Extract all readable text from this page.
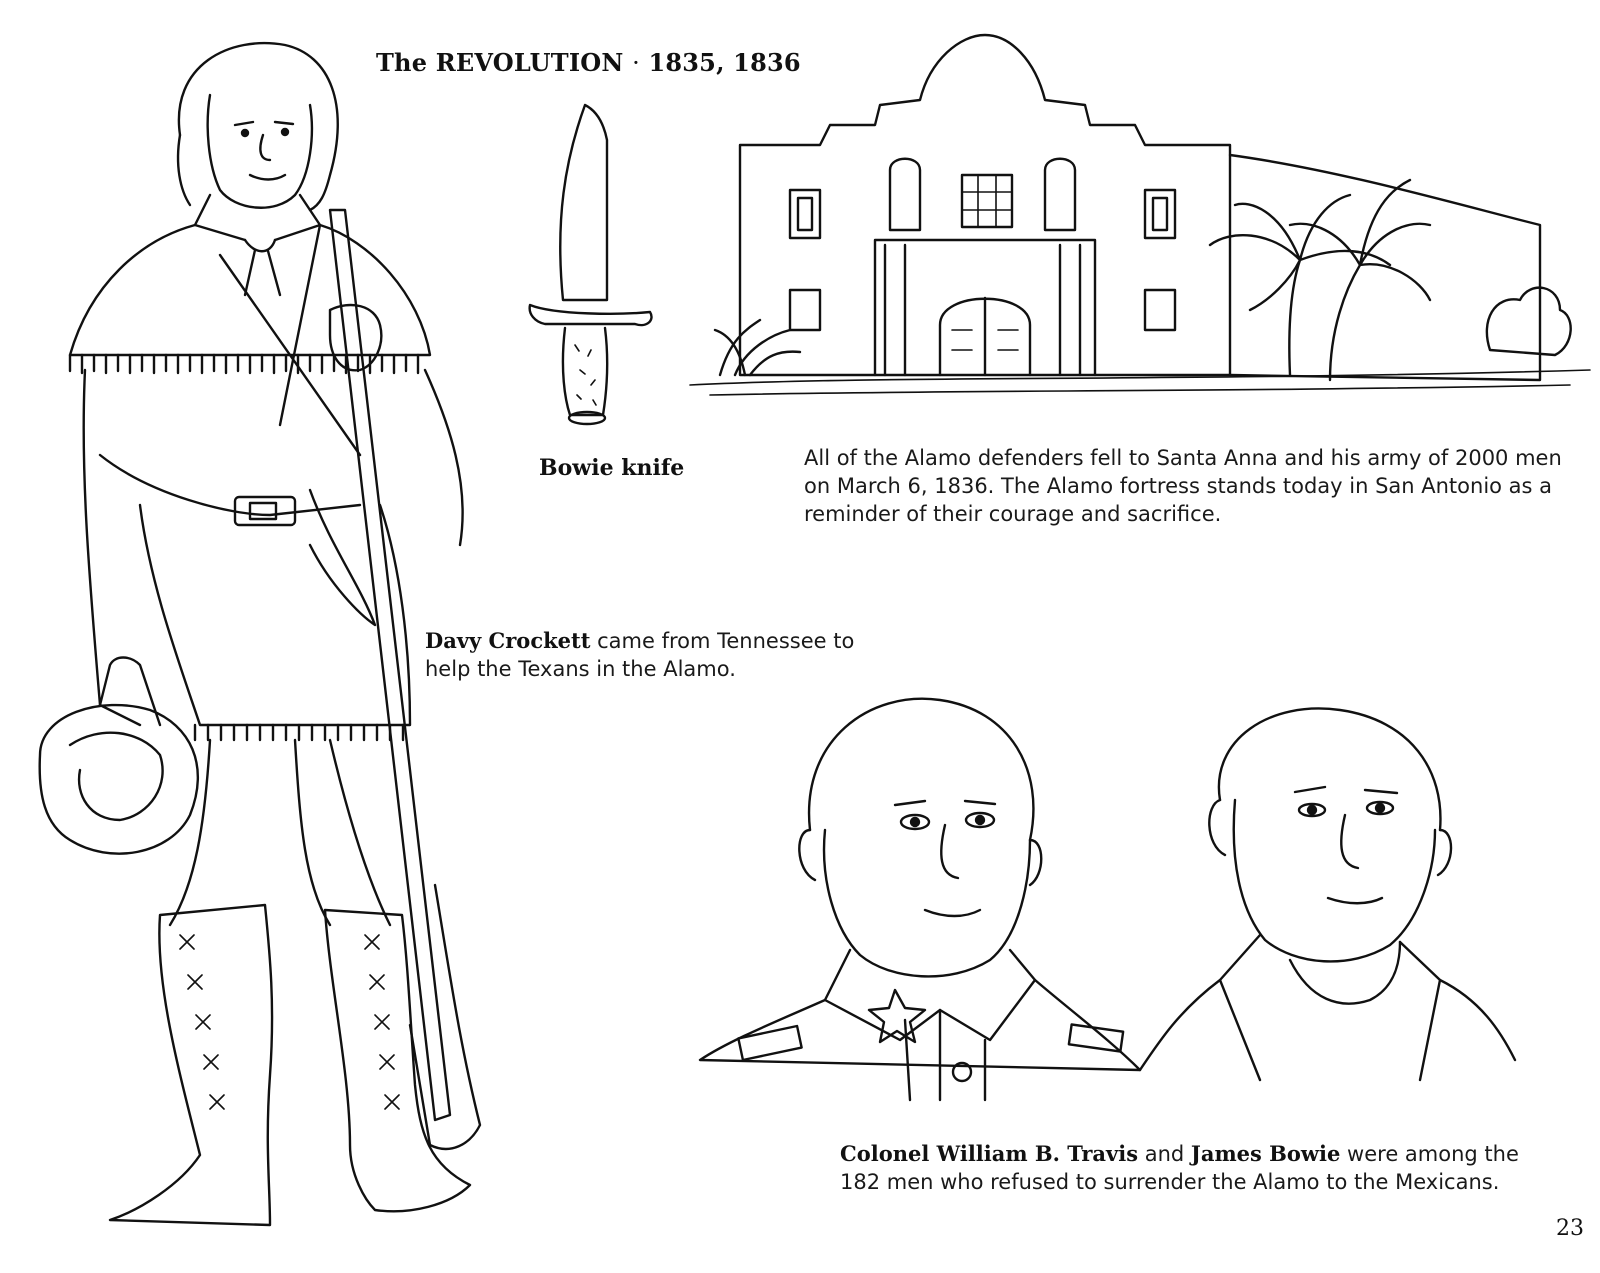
The REVOLUTION · 1835, 1836
Bowie knife	All of the Alamo defenders fell to Santa Anna and his army of 2000 men on March 6, 1836. The Alamo fortress stands today in San Antonio as a reminder of their courage and sacrifice.
Davy Crockett came from Tennessee to help the Texans in the Alamo.
Colonel William B. Travis and James Bowie were among the 182 men who refused to surrender the Alamo to the Mexicans.
23
